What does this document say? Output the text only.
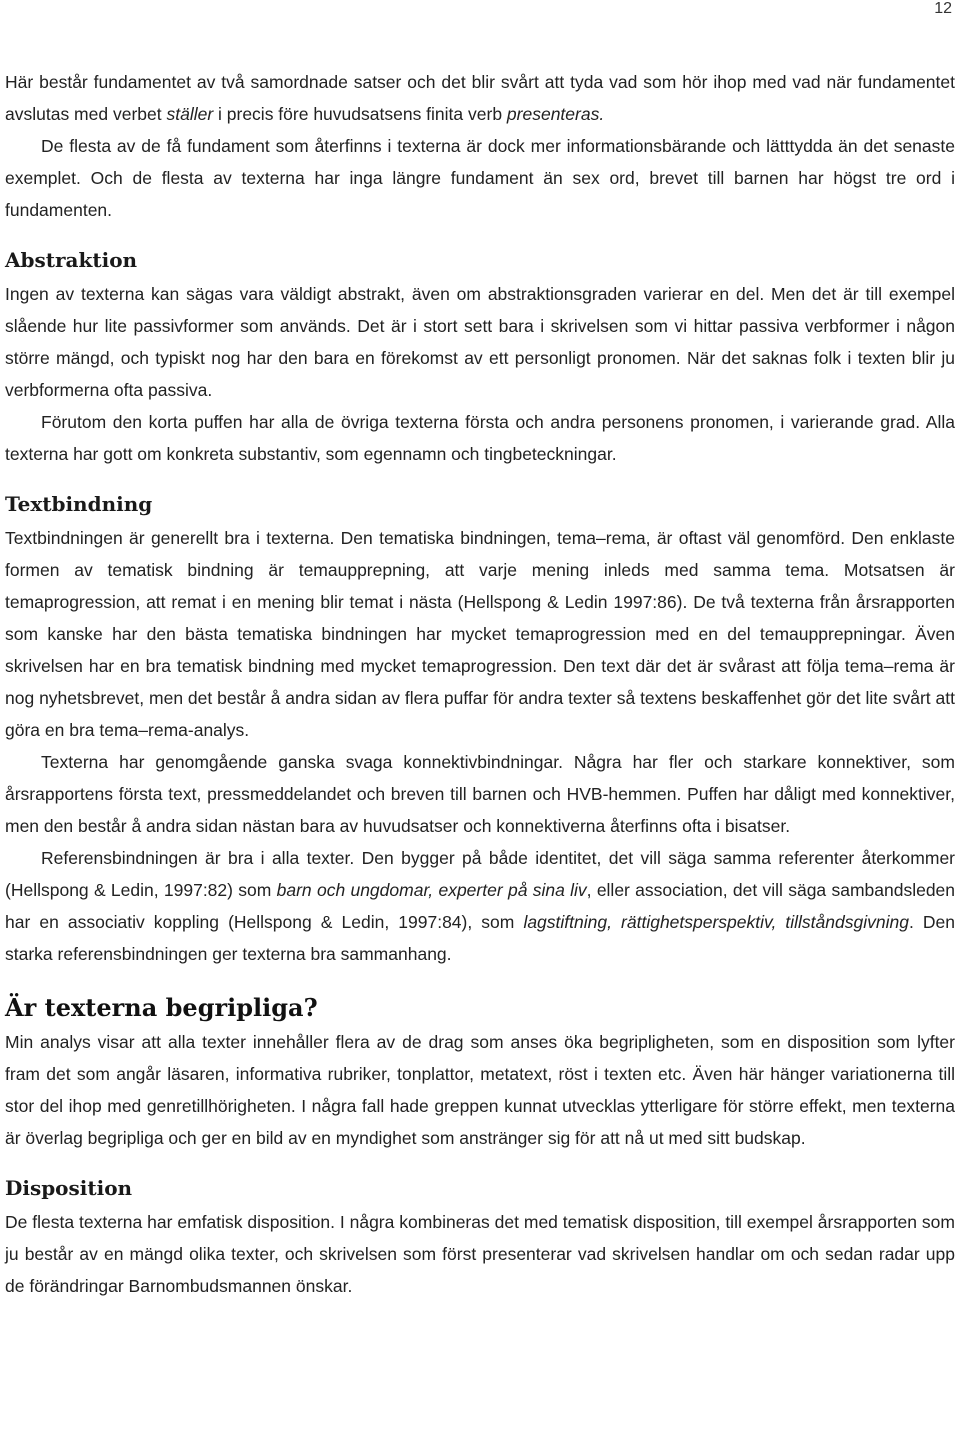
12

Här består fundamentet av två samordnade satser och det blir svårt att tyda vad som hör ihop med vad när fundamentet avslutas med verbet ställer i precis före huvudsatsens finita verb presenteras.

De flesta av de få fundament som återfinns i texterna är dock mer informationsbärande och lätttydda än det senaste exemplet. Och de flesta av texterna har inga längre fundament än sex ord, brevet till barnen har högst tre ord i fundamenten.

Abstraktion

Ingen av texterna kan sägas vara väldigt abstrakt, även om abstraktionsgraden varierar en del. Men det är till exempel slående hur lite passivformer som används. Det är i stort sett bara i skrivelsen som vi hittar passiva verbformer i någon större mängd, och typiskt nog har den bara en förekomst av ett personligt pronomen. När det saknas folk i texten blir ju verbformerna ofta passiva.

Förutom den korta puffen har alla de övriga texterna första och andra personens pronomen, i varierande grad. Alla texterna har gott om konkreta substantiv, som egennamn och tingbeteckningar.

Textbindning

Textbindningen är generellt bra i texterna. Den tematiska bindningen, tema–rema, är oftast väl genomförd. Den enklaste formen av tematisk bindning är temaupprepning, att varje mening inleds med samma tema. Motsatsen är temaprogression, att remat i en mening blir temat i nästa (Hellspong & Ledin 1997:86). De två texterna från årsrapporten som kanske har den bästa tematiska bindningen har mycket temaprogression med en del temaupprepningar. Även skrivelsen har en bra tematisk bindning med mycket temaprogression. Den text där det är svårast att följa tema–rema är nog nyhetsbrevet, men det består å andra sidan av flera puffar för andra texter så textens beskaffenhet gör det lite svårt att göra en bra tema–rema-analys.

Texterna har genomgående ganska svaga konnektivbindningar. Några har fler och starkare konnektiver, som årsrapportens första text, pressmeddelandet och breven till barnen och HVB-hemmen. Puffen har dåligt med konnektiver, men den består å andra sidan nästan bara av huvudsatser och konnektiverna återfinns ofta i bisatser.

Referensbindningen är bra i alla texter. Den bygger på både identitet, det vill säga samma referenter återkommer (Hellspong & Ledin, 1997:82) som barn och ungdomar, experter på sina liv, eller association, det vill säga sambandsleden har en associativ koppling (Hellspong & Ledin, 1997:84), som lagstiftning, rättighetsperspektiv, tillståndsgivning. Den starka referensbindningen ger texterna bra sammanhang.

Är texterna begripliga?

Min analys visar att alla texter innehåller flera av de drag som anses öka begripligheten, som en disposition som lyfter fram det som angår läsaren, informativa rubriker, tonplattor, metatext, röst i texten etc. Även här hänger variationerna till stor del ihop med genretillhörigheten. I några fall hade greppen kunnat utvecklas ytterligare för större effekt, men texterna är överlag begripliga och ger en bild av en myndighet som anstränger sig för att nå ut med sitt budskap.

Disposition

De flesta texterna har emfatisk disposition. I några kombineras det med tematisk disposition, till exempel årsrapporten som ju består av en mängd olika texter, och skrivelsen som först presenterar vad skrivelsen handlar om och sedan radar upp de förändringar Barnombudsmannen önskar.
